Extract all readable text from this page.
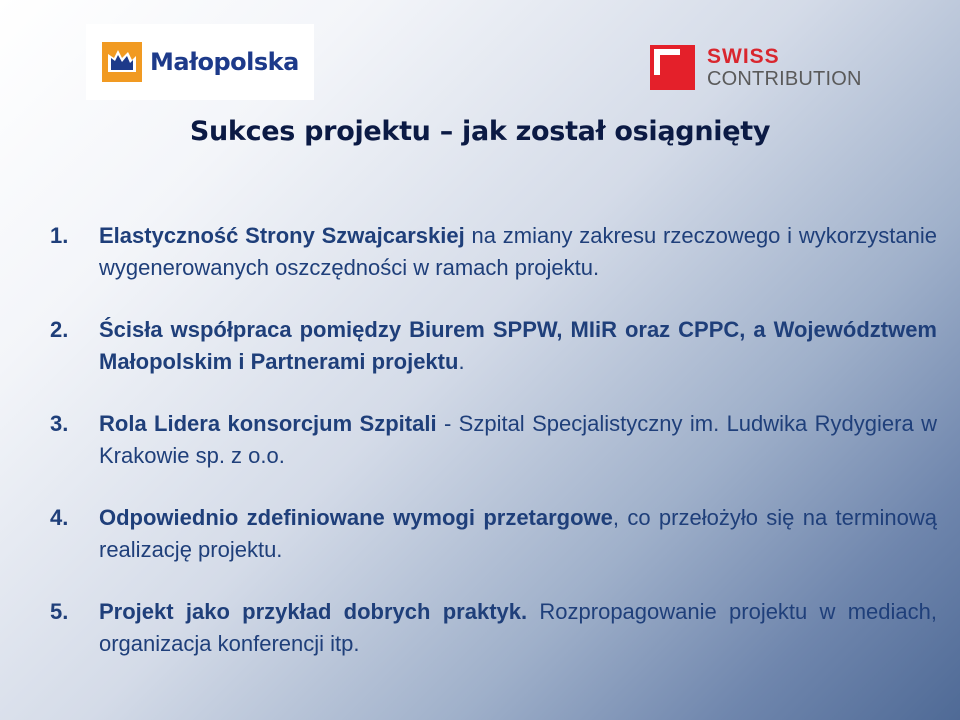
Małopolska	SWISS
CONTRIBUTION
Sukces projektu – jak został osiągnięty
1.	Elastyczność Strony Szwajcarskiej na zmiany zakresu rzeczowego i wykorzystanie wygenerowanych oszczędności w ramach projektu.
2.	Ścisła współpraca pomiędzy Biurem SPPW, MIiR oraz CPPC, a Województwem Małopolskim i Partnerami projektu.
3.	Rola Lidera konsorcjum Szpitali - Szpital Specjalistyczny im. Ludwika Rydygiera w Krakowie sp. z o.o.
4.	Odpowiednio zdefiniowane wymogi przetargowe, co przełożyło się na terminową realizację projektu.
5.	Projekt jako przykład dobrych praktyk. Rozpropagowanie projektu w mediach, organizacja konferencji itp.
